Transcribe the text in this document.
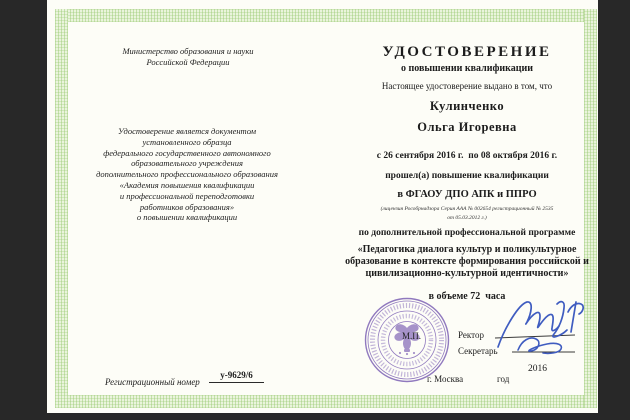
Министерство образования и науки
Российской Федерации
Удостоверение является документом
установленного образца
федерального государственного автономного
образовательного учреждения
дополнительного профессионального образования
«Академия повышения квалификации
и профессиональной переподготовки
работников образования»
о повышении квалификации
Регистрационный номер
у-9629/6
УДОСТОВЕРЕНИЕ
о повышении квалификации
Настоящее удостоверение выдано в том, что
Кулинченко
Ольга Игоревна
с 26 сентября 2016 г.  по 08 октября 2016 г.
прошел(а) повышение квалификации
в ФГАОУ ДПО АПК и ППРО
(лицензия Рособрнадзора Серия ААА № 002654 регистрационный № 2535
от 05.03.2012 г.)
по дополнительной профессиональной программе
«Педагогика диалога культур и поликультурное
образование в контексте формирования российской и
цивилизационно-культурной идентичности»
в объеме 72  часа
М.П.	Ректор
Секретарь
г. Москва	год
2016
